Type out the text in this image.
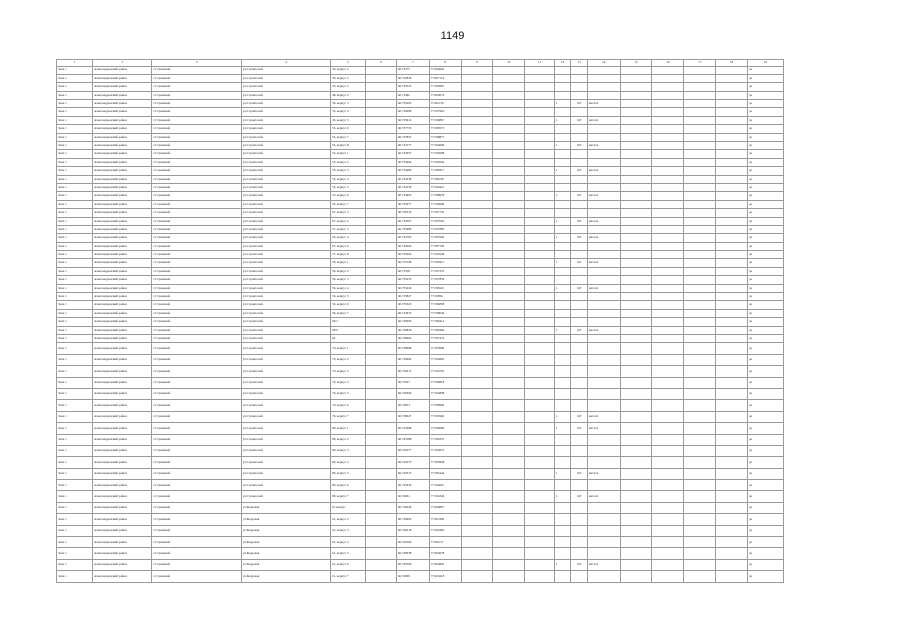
1149
1	2	3	4	5	6	7	8	9	10	11	12	13	14	15	16	17	18	19
Зона 1	Александровский район	г.Стрежевой	ул.Строителей	30, корпус 2		60.73375	77.606662											да
Зона 1	Александровский район	г.Стрежевой	ул.Строителей	30, корпус 3		60.732839	77.607716											да
Зона 1	Александровский район	г.Стрежевой	ул.Строителей	35, корпус 3		60.734525	77.584997											да
Зона 1	Александровский район	г.Стрежевой	ул.Строителей	48, корпус 2		60.73462	77.600074											да
Зона 1	Александровский район	г.Стрежевой	ул.Строителей	36, корпус 3		60.735263	77.603.58				1	0,8	металл					да
Зона 1	Александровский район	г.Стрежевой	ул.Строителей	53, корпус 4		60.736098	77.597963											да
Зона 1	Александровский район	г.Стрежевой	ул.Строителей	45, корпус 5		60.735912	77.599867				1	0,8	металл					да
Зона 1	Александровский район	г.Стрежевой	ул.Строителей	53, корпус 6		60.737753	77.589573											да
Зона 1	Александровский район	г.Стрежевой	ул.Строителей	53, корпус 7		60.737853	77.598877											да
Зона 1	Александровский район	г.Стрежевой	ул.Строителей	54, корпус 8		60.734177	77.594609				1	0,8	металл					да
Зона 1	Александровский район	г.Стрежевой	ул.Строителей	55, корпус 1		60.733957	77.590598											да
Зона 1	Александровский район	г.Стрежевой	ул.Строителей	55, корпус 2		60.733994	77.590564											да
Зона 1	Александровский район	г.Стрежевой	ул.Строителей	55, корпус 3		60.734480	77.588317				1	0,8	металл					да
Зона 1	Александровский район	г.Стрежевой	ул.Строителей	55, корпус 4		60.734238	77.586.98											да
Зона 1	Александровский район	г.Стрежевой	ул.Строителей	55, корпус 5		60.734139	77.596421											да
Зона 1	Александровский район	г.Стрежевой	ул.Строителей	55, корпус 6		60.734403	77.588678				1	0,8	металл					да
Зона 1	Александровский район	г.Стрежевой	ул.Строителей	65, корпус 7		60.735977	77.598206											да
Зона 1	Александровский район	г.Стрежевой	ул.Строителей	67, корпус 3		60.736376	77.597732											да
Зона 1	Александровский район	г.Стрежевой	ул.Строителей	67, корпус 2		60.734507	77.587003				1	0,8	металл					да
Зона 1	Александровский район	г.Стрежевой	ул.Строителей	57, корпус 3		60.735986	77.597883											да
Зона 1	Александровский район	г.Стрежевой	ул.Строителей	63, корпус 4		60.734703	77.587604				1	0,8	металл					да
Зона 1	Александровский район	г.Стрежевой	ул.Строителей	67, корпус 6		60.734006	77.587706											да
Зона 1	Александровский район	г.Стрежевой	ул.Строителей	57, корпус 8		60.735906	77.593248											да
Зона 1	Александровский район	г.Стрежевой	ул.Строителей	59, корпус 1		60.735198	77.596417				1	0,8	металл					да
Зона 1	Александровский район	г.Стрежевой	ул.Строителей	59, корпус 2		60.73558	77.597270											да
Зона 1	Александровский район	г.Стрежевой	ул.Строителей	59, корпус 3		60.735253	77.597859											да
Зона 1	Александровский район	г.Стрежевой	ул.Строителей	59, корпус 4		60.735220	77.598110				1	0,8	металл					да
Зона 1	Александровский район	г.Стрежевой	ул.Строителей	59, корпус 5		60.735847	77.59856											да
Зона 1	Александровский район	г.Стрежевой	ул.Строителей	59, корпус 6		60.735345	77.586858											да
Зона 1	Александровский район	г.Стрежевой	ул.Строителей	59, корпус 7		60.734974	77.598049											да
Зона 1	Александровский район	г.Стрежевой	ул.Строителей	60/1		60.736906	77.589412											да
Зона 1	Александровский район	г.Стрежевой	ул.Строителей	60/2		60.736826	77.589466				1	0,8	металл					да
Зона 1	Александровский район	г.Стрежевой	ул.Строителей	64		60.738664	77.597474											да
Зона 1	Александровский район	г.Стрежевой	ул.Строителей	70, корпус 1		60.738988	77.593999											да
Зона 1	Александровский район	г.Стрежевой	ул.Строителей	70, корпус 2		60.739064	77.594905											да
Зона 1	Александровский район	г.Стрежевой	ул.Строителей	70, корпус 3		60.739417	77.594702											да
Зона 1	Александровский район	г.Стрежевой	ул.Строителей	70, корпус 4		60.73927	77.586818											да
Зона 1	Александровский район	г.Стрежевой	ул.Строителей	70, корпус 5		60.739409	77.594808											да
Зона 1	Александровский район	г.Стрежевой	ул.Строителей	70, корпус 6		60.73953	77.586906											да
Зона 1	Александровский район	г.Стрежевой	ул.Строителей	70, корпус 7		60.738647	77.593962				1	0,8	металл					да
Зона 1	Александровский район	г.Стрежевой	ул.Строителей	80, корпус 1		60.745488	77.586686				1	0,8	металл					да
Зона 1	Александровский район	г.Стрежевой	ул.Строителей	80, корпус 2		60.745388	77.584555											да
Зона 1	Александровский район	г.Стрежевой	ул.Строителей	80, корпус 3		60.745077	77.594072											да
Зона 1	Александровский район	г.Стрежевой	ул.Строителей	80, корпус 4		60.745073	77.585828											да
Зона 1	Александровский район	г.Стрежевой	ул.Строителей	80, корпус 5		60.745013	77.585444				1	0,8	металл					да
Зона 1	Александровский район	г.Стрежевой	ул.Строителей	80, корпус 6		60.745930	77.594667											да
Зона 1	Александровский район	г.Стрежевой	ул.Строителей	80, корпус 7		60.74061	77.594346				1	0,8	металл					да
Зона 1	Александровский район	г.Стрежевой	ул.Кедровая	61 корпус		60.739046	77.609867											да
Зона 1	Александровский район	г.Стрежевой	ул.Кедровая	61, корпус 2		60.739093	77.603306											да
Зона 1	Александровский район	г.Стрежевой	ул.Кедровая	61, корпус 3		60.740218	77.604483											да
Зона 1	Александровский район	г.Стрежевой	ул.Кедровая	61, корпус 4		60.740396	77.604.37											да
Зона 1	Александровский район	г.Стрежевой	ул.Кедровая	61, корпус 5		60.738638	77.603078											да
Зона 1	Александровский район	г.Стрежевой	ул.Кедровая	61, корпус 6		60.739566	77.604802				1	0,8	металл					да
Зона 1	Александровский район	г.Стрежевой	ул.Кедровая	61, корпус 7		60.74099	77.603218											да
